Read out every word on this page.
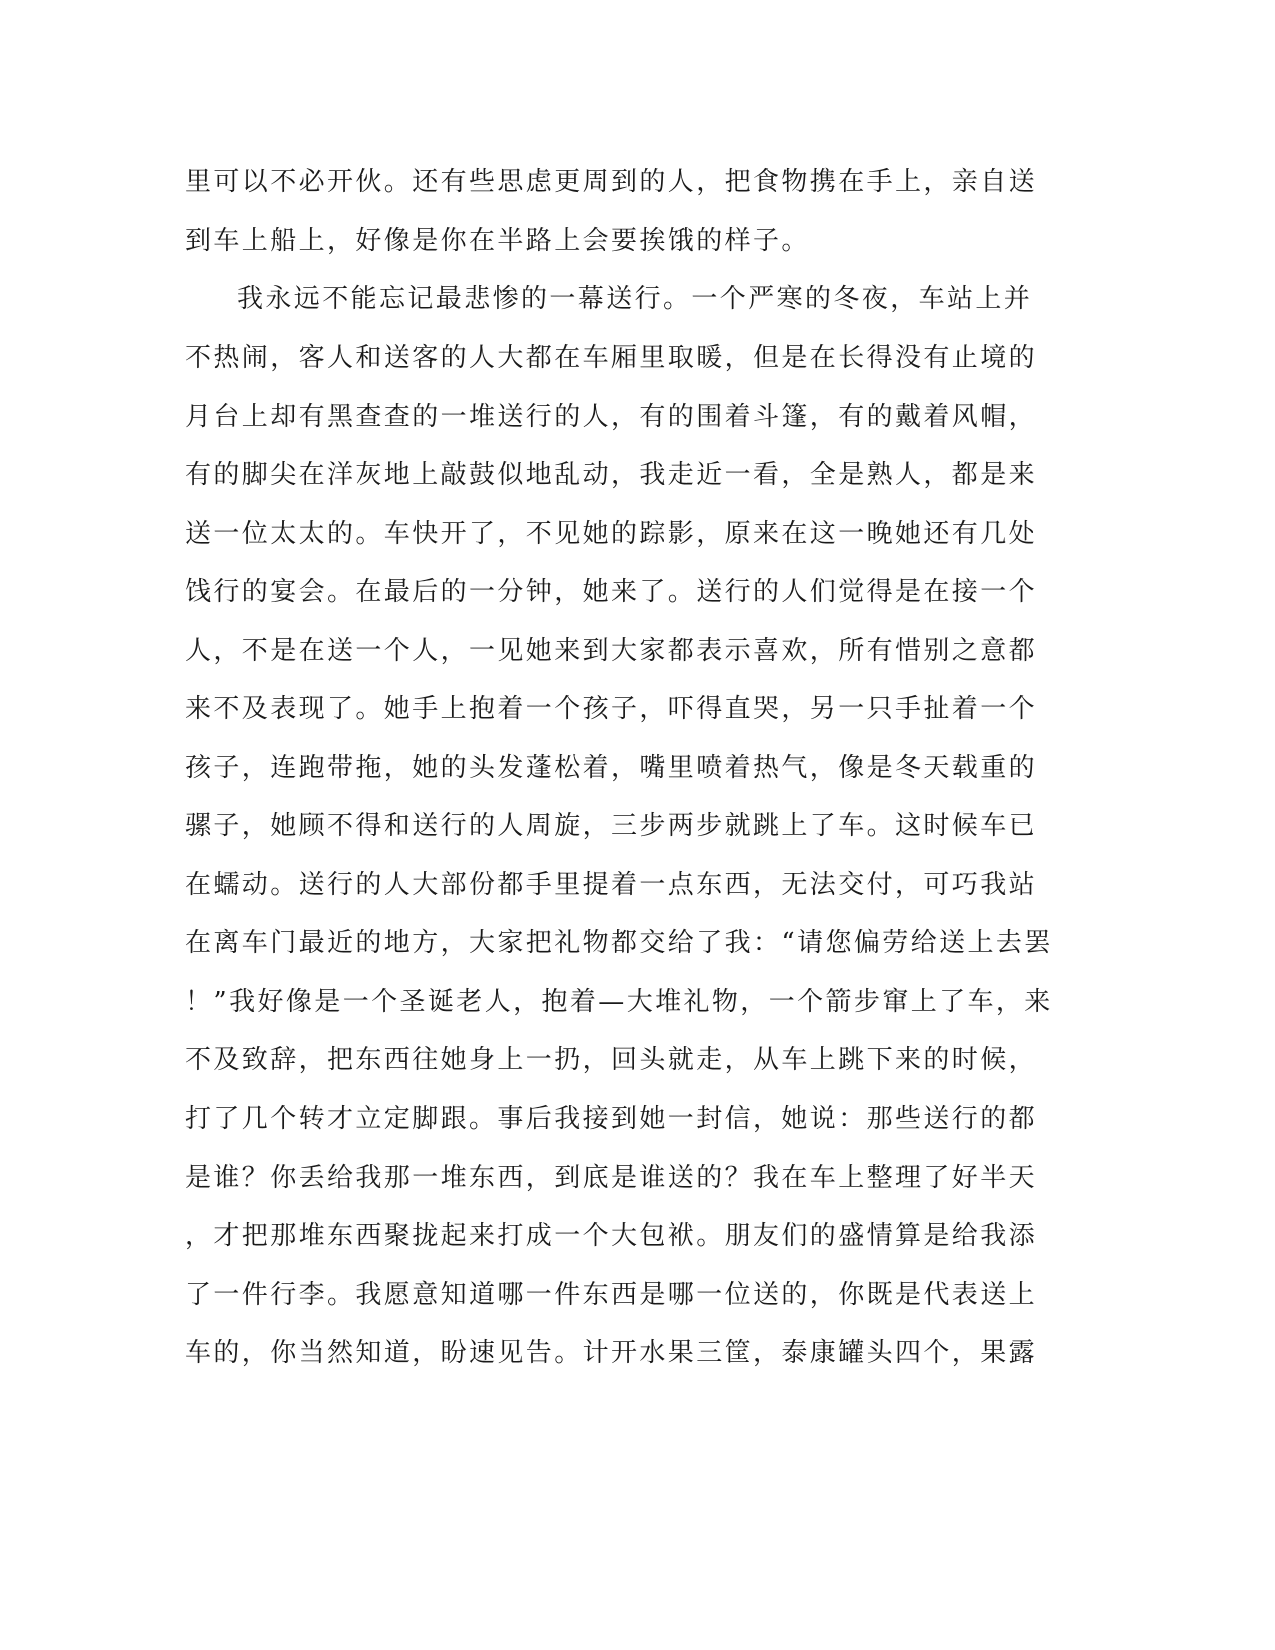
里可以不必开伙。还有些思虑更周到的人，把食物携在手上，亲自送
到车上船上，好像是你在半路上会要挨饿的样子。
我永远不能忘记最悲惨的一幕送行。一个严寒的冬夜，车站上并
不热闹，客人和送客的人大都在车厢里取暖，但是在长得没有止境的
月台上却有黑查查的一堆送行的人，有的围着斗篷，有的戴着风帽，
有的脚尖在洋灰地上敲鼓似地乱动，我走近一看，全是熟人，都是来
送一位太太的。车快开了，不见她的踪影，原来在这一晚她还有几处
饯行的宴会。在最后的一分钟，她来了。送行的人们觉得是在接一个
人，不是在送一个人，一见她来到大家都表示喜欢，所有惜别之意都
来不及表现了。她手上抱着一个孩子，吓得直哭，另一只手扯着一个
孩子，连跑带拖，她的头发蓬松着，嘴里喷着热气，像是冬天载重的
骡子，她顾不得和送行的人周旋，三步两步就跳上了车。这时候车已
在蠕动。送行的人大部份都手里提着一点东西，无法交付，可巧我站
在离车门最近的地方，大家把礼物都交给了我：“请您偏劳给送上去罢
！”我好像是一个圣诞老人，抱着—大堆礼物，一个箭步窜上了车，来
不及致辞，把东西往她身上一扔，回头就走，从车上跳下来的时候，
打了几个转才立定脚跟。事后我接到她一封信，她说：那些送行的都
是谁？你丢给我那一堆东西，到底是谁送的？我在车上整理了好半天
，才把那堆东西聚拢起来打成一个大包袱。朋友们的盛情算是给我添
了一件行李。我愿意知道哪一件东西是哪一位送的，你既是代表送上
车的，你当然知道，盼速见告。计开水果三筐，泰康罐头四个，果露
